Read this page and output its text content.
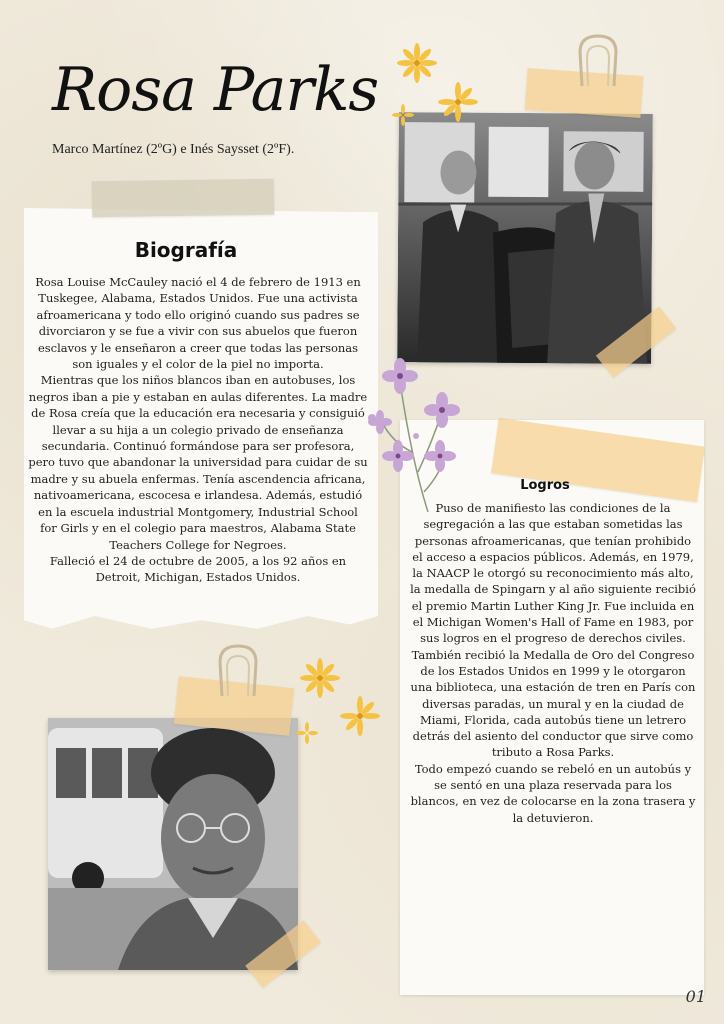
Rosa Parks
Marco Martínez (2ºG) e Inés Saysset (2ºF).
Biografía

Rosa Louise McCauley nació el 4 de febrero de 1913 en Tuskegee, Alabama, Estados Unidos. Fue una activista afroamericana y todo ello originó cuando sus padres se divorciaron y se fue a vivir con sus abuelos que fueron esclavos y le enseñaron a creer que todas las personas son iguales y el color de la piel no importa.

Mientras que los niños blancos iban en autobuses, los negros iban a pie y estaban en aulas diferentes. La madre de Rosa creía que la educación era necesaria y consiguió llevar a su hija a un colegio privado de enseñanza secundaria. Continuó formándose para ser profesora, pero tuvo que abandonar la universidad para cuidar de su madre y su abuela enfermas. Tenía ascendencia africana, nativoamericana, escocesa e irlandesa. Además, estudió en la escuela industrial Montgomery, Industrial School for Girls y en el colegio para maestros, Alabama State Teachers College for Negroes.

Falleció el 24 de octubre de 2005, a los 92 años en Detroit, Michigan, Estados Unidos.

Logros

Puso de manifiesto las condiciones de la segregación a las que estaban sometidas las personas afroamericanas, que tenían prohibido el acceso a espacios públicos. Además, en 1979, la NAACP le otorgó su reconocimiento más alto, la medalla de Spingarn y al año siguiente recibió el premio Martin Luther King Jr. Fue incluida en el Michigan Women's Hall of Fame en 1983, por sus logros en el progreso de derechos civiles. También recibió la Medalla de Oro del Congreso de los Estados Unidos en 1999 y le otorgaron una biblioteca, una estación de tren en París con diversas paradas, un mural y en la ciudad de Miami, Florida, cada autobús tiene un letrero detrás del asiento del conductor que sirve como tributo a Rosa Parks.

Todo empezó cuando se rebeló en un autobús y se sentó en una plaza reservada para los blancos, en vez de colocarse en la zona trasera y la detuvieron.

01
